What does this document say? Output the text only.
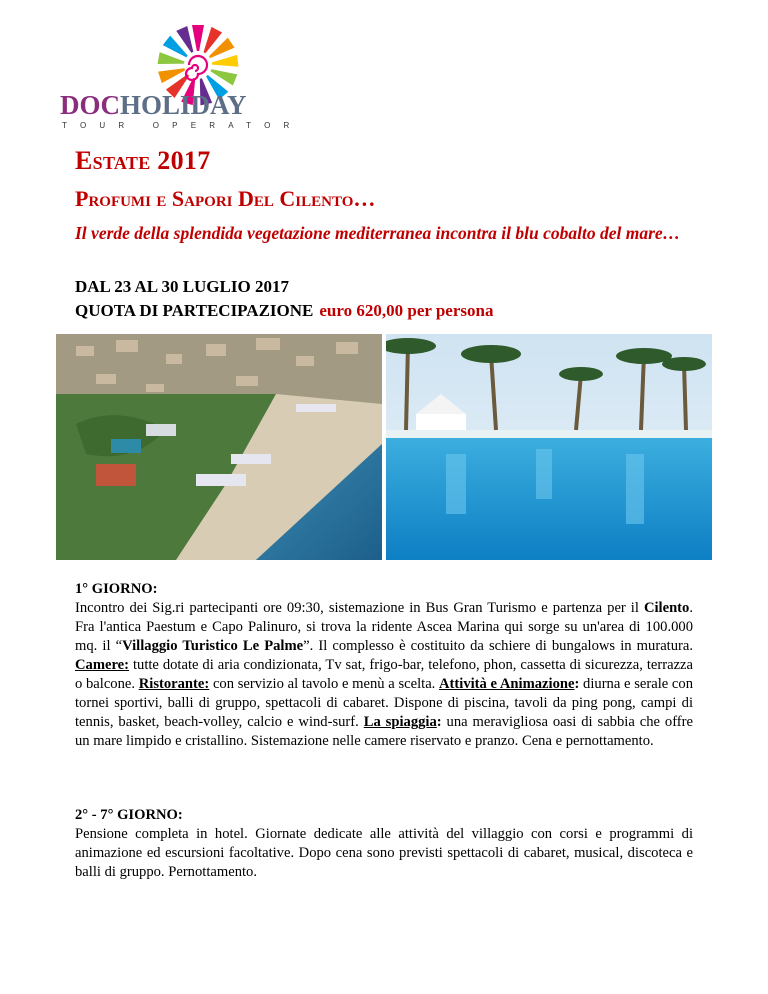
DOCHOLIDAY
TOUR OPERATOR
Estate 2017
Profumi e Sapori Del Cilento…
Il verde della splendida vegetazione mediterranea incontra il blu cobalto del mare…
DAL 23 AL 30 LUGLIO 2017
QUOTA DI PARTECIPAZIONE euro 620,00 per persona
1° GIORNO:
Incontro dei Sig.ri partecipanti ore 09:30, sistemazione in Bus Gran Turismo e partenza per il Cilento. Fra l'antica Paestum e Capo Palinuro, si trova la ridente Ascea Marina qui sorge su un'area di 100.000 mq. il “Villaggio Turistico Le Palme”. Il complesso è costituito da schiere di bungalows in muratura. Camere: tutte dotate di aria condizionata, Tv sat, frigo-bar, telefono, phon, cassetta di sicurezza, terrazza o balcone. Ristorante: con servizio al tavolo e menù a scelta. Attività e Animazione: diurna e serale con tornei sportivi, balli di gruppo, spettacoli di cabaret. Dispone di piscina, tavoli da ping pong, campi di tennis, basket, beach-volley, calcio e wind-surf. La spiaggia: una meravigliosa oasi di sabbia che offre un mare limpido e cristallino. Sistemazione nelle camere riservato e pranzo. Cena e pernottamento.
2° - 7° GIORNO:
Pensione completa in hotel. Giornate dedicate alle attività del villaggio con corsi e programmi di animazione ed escursioni facoltative. Dopo cena sono previsti spettacoli di cabaret, musical, discoteca e balli di gruppo. Pernottamento.
